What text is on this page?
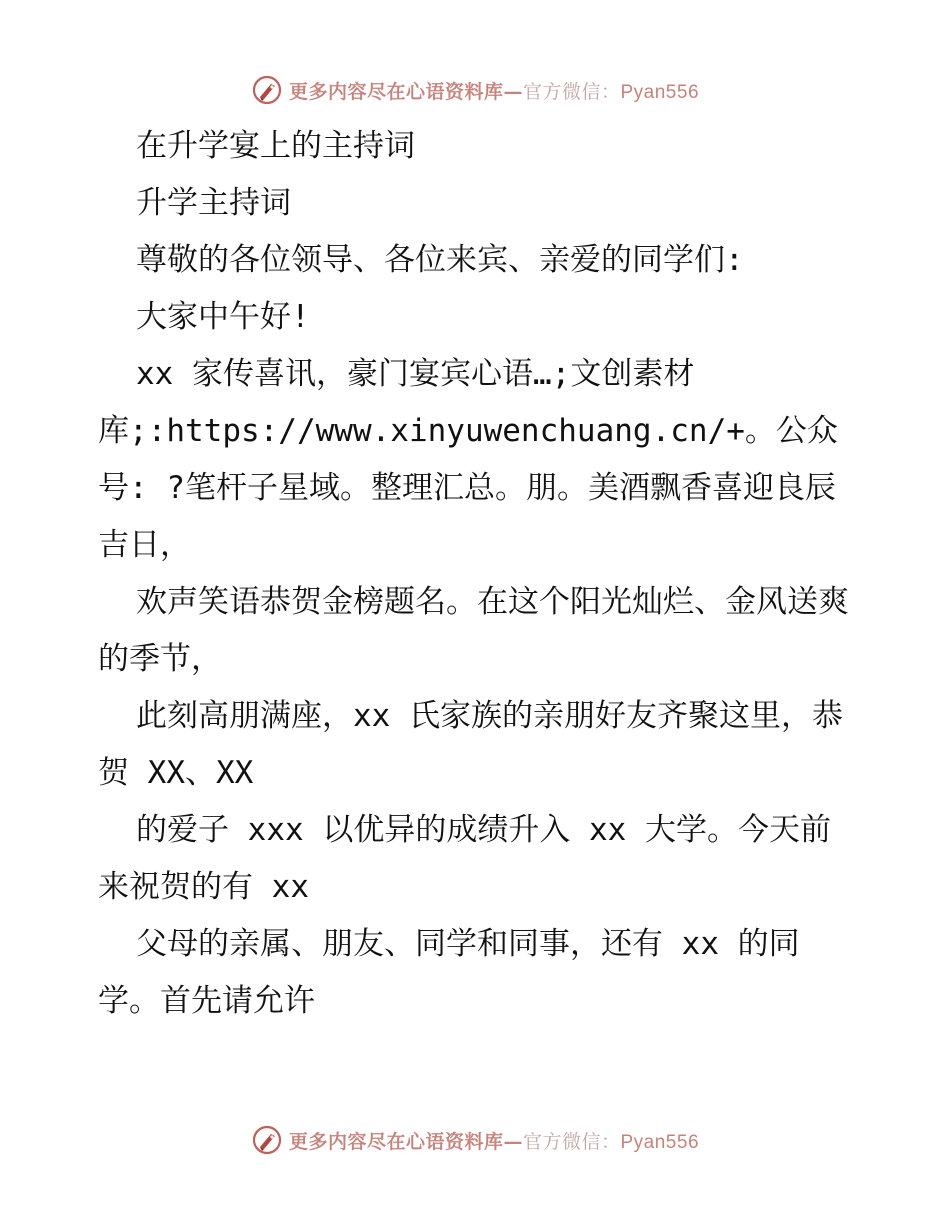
更多内容尽在心语资料库—官方微信：Pyan556

在升学宴上的主持词

升学主持词

尊敬的各位领导、各位来宾、亲爱的同学们:

大家中午好!

xx 家传喜讯，豪门宴宾心语…;文创素材库;:https://www.xinyuwenchuang.cn/+。公众号: ?笔杆子星域。整理汇总。朋。美酒飘香喜迎良辰吉日，

欢声笑语恭贺金榜题名。在这个阳光灿烂、金风送爽的季节，

此刻高朋满座，xx 氏家族的亲朋好友齐聚这里，恭贺 XX、XX

的爱子 xxx 以优异的成绩升入 xx 大学。今天前来祝贺的有 xx

父母的亲属、朋友、同学和同事，还有 xx 的同学。首先请允许

更多内容尽在心语资料库—官方微信：Pyan556
